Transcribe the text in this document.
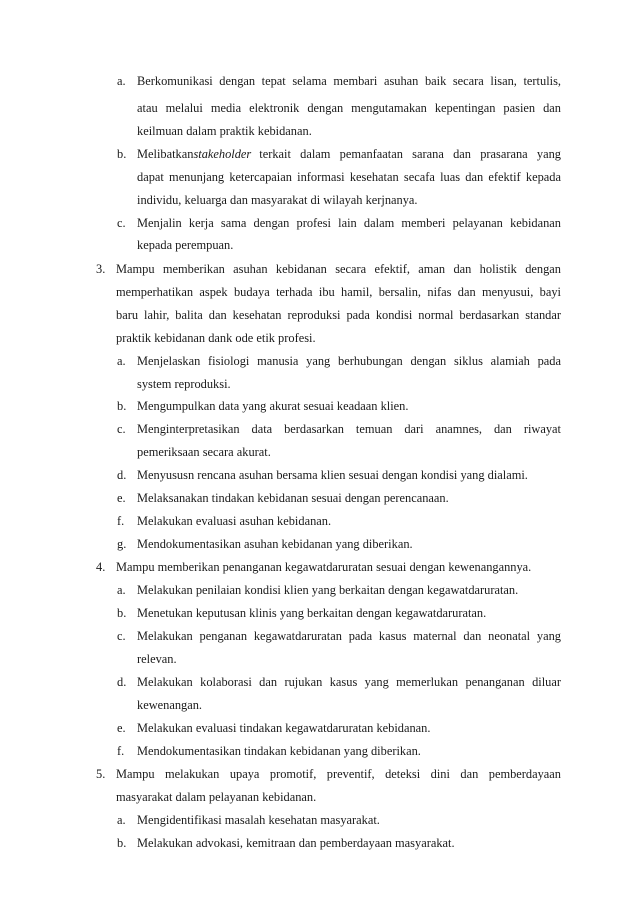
a. Berkomunikasi dengan tepat selama membari asuhan baik secara lisan, tertulis,
atau melalui media elektronik dengan mengutamakan kepentingan pasien dan
keilmuan dalam praktik kebidanan.
b. Melibatkan stakeholder terkait dalam pemanfaatan sarana dan prasarana yang
dapat menunjang ketercapaian informasi kesehatan secafa luas dan efektif kepada
individu, keluarga dan masyarakat di wilayah kerjnanya.
c. Menjalin kerja sama dengan profesi lain dalam memberi pelayanan kebidanan
kepada perempuan.
3. Mampu memberikan asuhan kebidanan secara efektif, aman dan holistik dengan
memperhatikan aspek budaya terhada ibu hamil, bersalin, nifas dan menyusui, bayi
baru lahir, balita dan kesehatan reproduksi pada kondisi normal berdasarkan standar
praktik kebidanan dank ode etik profesi.
a. Menjelaskan fisiologi manusia yang berhubungan dengan siklus alamiah pada
system reproduksi.
b. Mengumpulkan data yang akurat sesuai keadaan klien.
c. Menginterpretasikan data berdasarkan temuan dari anamnes, dan riwayat
pemeriksaan secara akurat.
d. Menyususn rencana asuhan bersama klien sesuai dengan kondisi yang dialami.
e. Melaksanakan tindakan kebidanan sesuai dengan perencanaan.
f. Melakukan evaluasi asuhan kebidanan.
g. Mendokumentasikan asuhan kebidanan yang diberikan.
4. Mampu memberikan penanganan kegawatdaruratan sesuai dengan kewenangannya.
a. Melakukan penilaian kondisi klien yang berkaitan dengan kegawatdaruratan.
b. Menetukan keputusan klinis yang berkaitan dengan kegawatdaruratan.
c. Melakukan penganan kegawatdaruratan pada kasus maternal dan neonatal yang
relevan.
d. Melakukan kolaborasi dan rujukan kasus yang memerlukan penanganan diluar
kewenangan.
e. Melakukan evaluasi tindakan kegawatdaruratan kebidanan.
f. Mendokumentasikan tindakan kebidanan yang diberikan.
5. Mampu melakukan upaya promotif, preventif, deteksi dini dan pemberdayaan
masyarakat dalam pelayanan kebidanan.
a. Mengidentifikasi masalah kesehatan masyarakat.
b. Melakukan advokasi, kemitraan dan pemberdayaan masyarakat.
